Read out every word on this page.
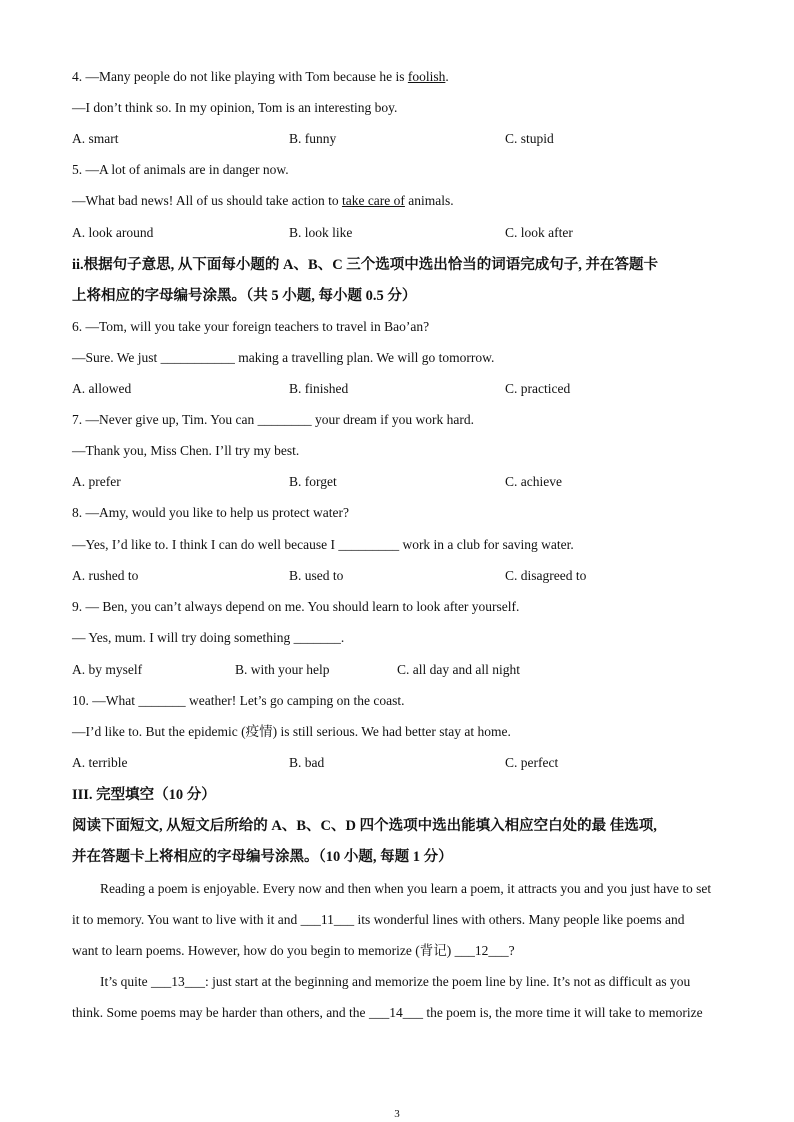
4. —Many people do not like playing with Tom because he is foolish.
—I don’t think so. In my opinion, Tom is an interesting boy.
A. smart	B. funny	C. stupid
5. —A lot of animals are in danger now.
—What bad news! All of us should take action to take care of animals.
A. look around	B. look like	C. look after
ii.根据句子意思, 从下面每小题的 A、B、C 三个选项中选出恰当的词语完成句子, 并在答题卡
上将相应的字母编号涂黑。（共 5 小题, 每小题 0.5 分）
6. —Tom, will you take your foreign teachers to travel in Bao’an?
—Sure. We just ___________ making a travelling plan. We will go tomorrow.
A. allowed	B. finished	C. practiced
7. —Never give up, Tim. You can ________ your dream if you work hard.
—Thank you, Miss Chen. I’ll try my best.
A. prefer	B. forget	C. achieve
8. —Amy, would you like to help us protect water?
—Yes, I’d like to. I think I can do well because I _________ work in a club for saving water.
A. rushed to	B. used to	C. disagreed to
9. — Ben, you can’t always depend on me. You should learn to look after yourself.
— Yes, mum. I will try doing something _______.
A. by myself	B. with your help	C. all day and all night
10. —What _______ weather! Let’s go camping on the coast.
—I’d like to. But the epidemic (疫情) is still serious. We had better stay at home.
A. terrible	B. bad	C. perfect
III. 完型填空（10 分）
阅读下面短文, 从短文后所给的 A、B、C、D 四个选项中选出能填入相应空白处的最 佳选项,
并在答题卡上将相应的字母编号涂黑。（10 小题, 每题 1 分）
Reading a poem is enjoyable. Every now and then when you learn a poem, it attracts you and you just have to set
it to memory. You want to live with it and ___11___ its wonderful lines with others. Many people like poems and
want to learn poems. However, how do you begin to memorize (背记) ___12___?
It’s quite ___13___: just start at the beginning and memorize the poem line by line. It’s not as difficult as you
think. Some poems may be harder than others, and the ___14___ the poem is, the more time it will take to memorize
3
